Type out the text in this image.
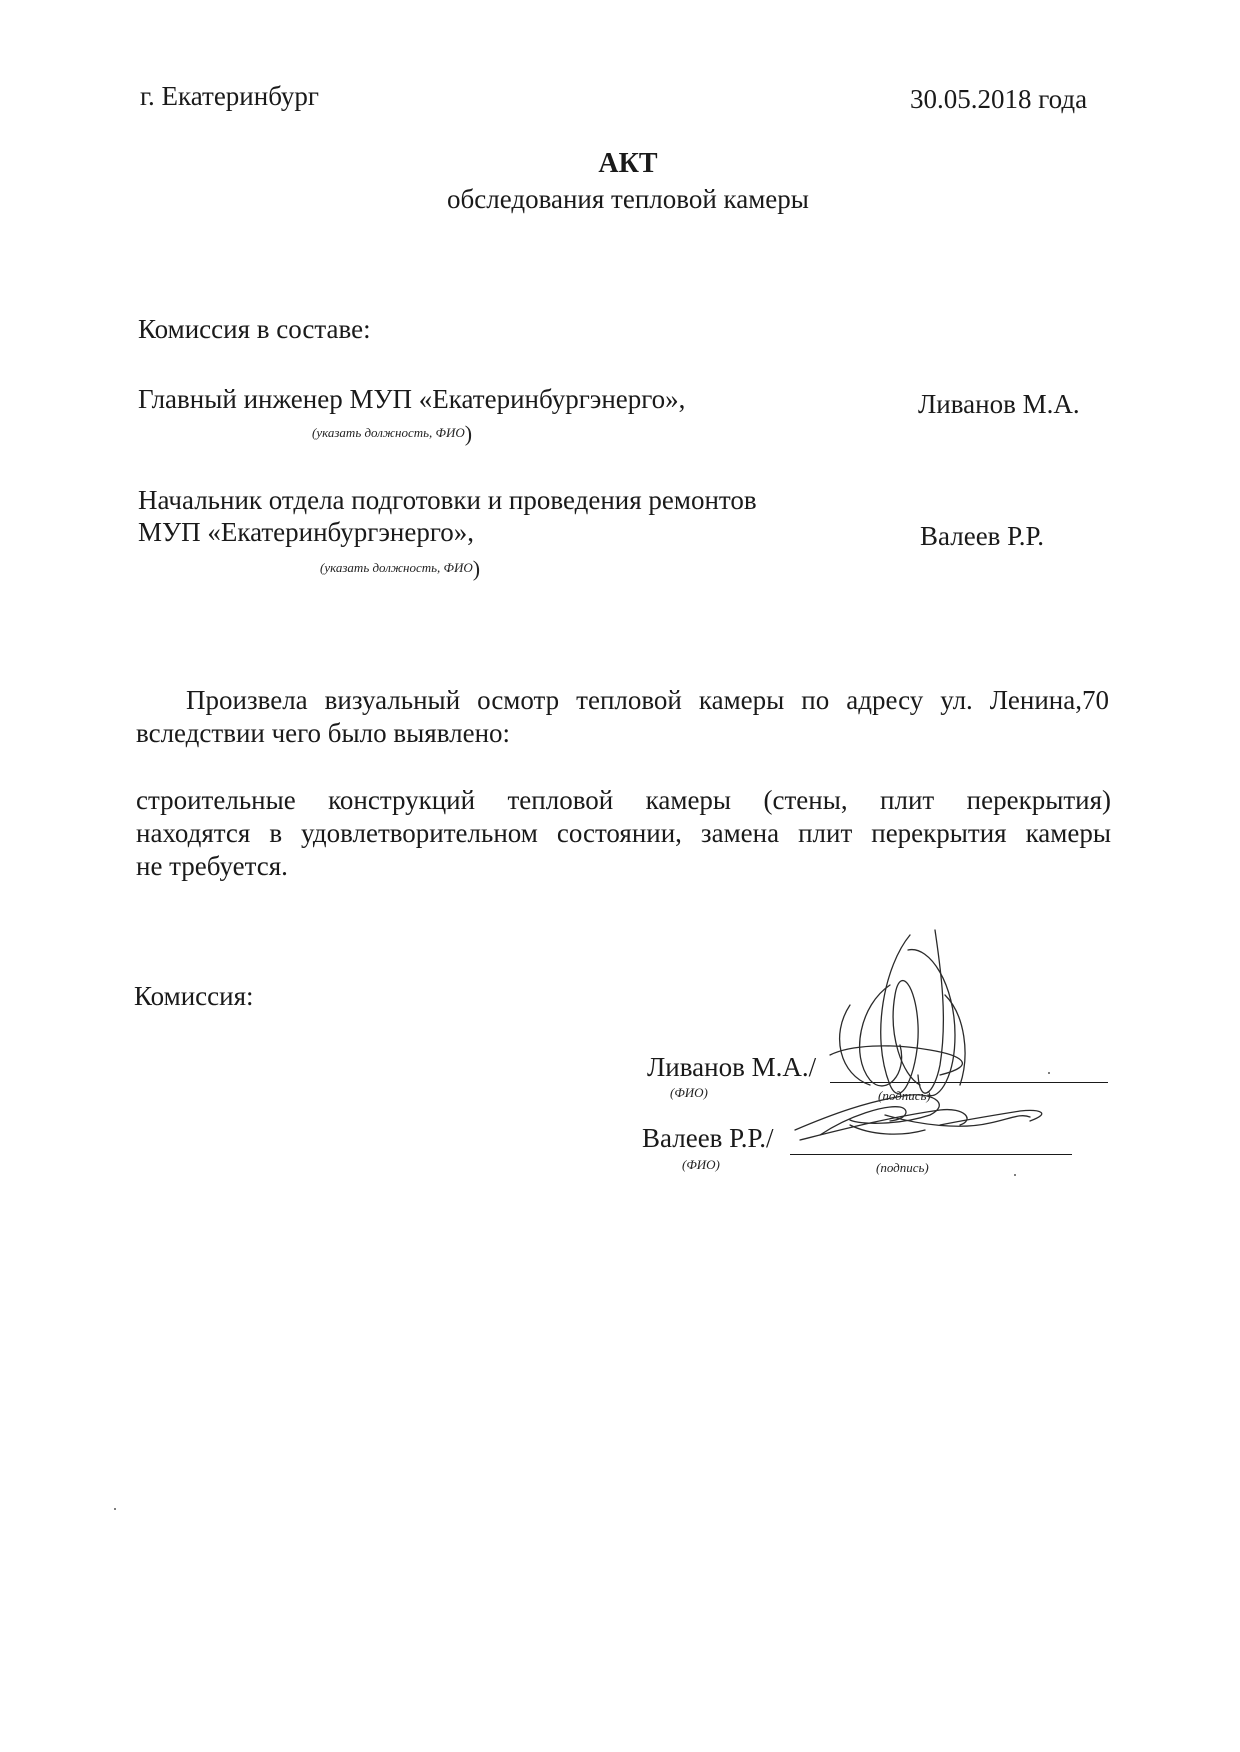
г. Екатеринбург	30.05.2018 года
АКТ
обследования тепловой камеры
Комиссия в составе:
Главный инженер МУП «Екатеринбургэнерго»,	Ливанов М.А.
(указать должность, ФИО)
Начальник отдела подготовки и проведения ремонтов
МУП «Екатеринбургэнерго»,	Валеев Р.Р.
(указать должность, ФИО)
Произвела визуальный осмотр тепловой камеры по адресу ул. Ленина,70
вследствии чего было выявлено:
строительные конструкций тепловой камеры (стены, плит перекрытия)
находятся в удовлетворительном состоянии, замена плит перекрытия камеры
не требуется.
Комиссия:
Ливанов М.А./
(ФИО)	(подпись)
Валеев Р.Р./
(ФИО)	(подпись)
